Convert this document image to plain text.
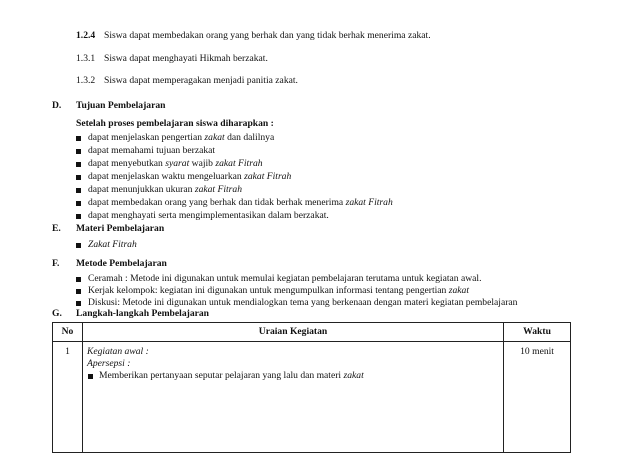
1.2.4 Siswa dapat membedakan orang yang berhak dan yang tidak berhak menerima zakat.
1.3.1 Siswa dapat menghayati Hikmah berzakat.
1.3.2 Siswa dapat memperagakan menjadi panitia zakat.
D. Tujuan Pembelajaran
Setelah proses pembelajaran siswa diharapkan :
dapat menjelaskan pengertian zakat dan dalilnya
dapat memahami tujuan berzakat
dapat menyebutkan syarat wajib zakat Fitrah
dapat menjelaskan waktu mengeluarkan zakat Fitrah
dapat menunjukkan ukuran zakat Fitrah
dapat membedakan orang yang berhak dan tidak berhak menerima zakat Fitrah
dapat menghayati serta mengimplementasikan dalam berzakat.
E. Materi Pembelajaran
Zakat Fitrah
F. Metode Pembelajaran
Ceramah : Metode ini digunakan untuk memulai kegiatan pembelajaran terutama untuk kegiatan awal.
Kerjak kelompok: kegiatan ini digunakan untuk mengumpulkan informasi tentang pengertian zakat
Diskusi: Metode ini digunakan untuk mendialogkan tema yang berkenaan dengan materi kegiatan pembelajaran
G. Langkah-langkah Pembelajaran
No	Uraian Kegiatan	Waktu

1	Kegiatan awal :
Apersepsi :
Memberikan pertanyaan seputar pelajaran yang lalu dan materi zakat	10 menit
